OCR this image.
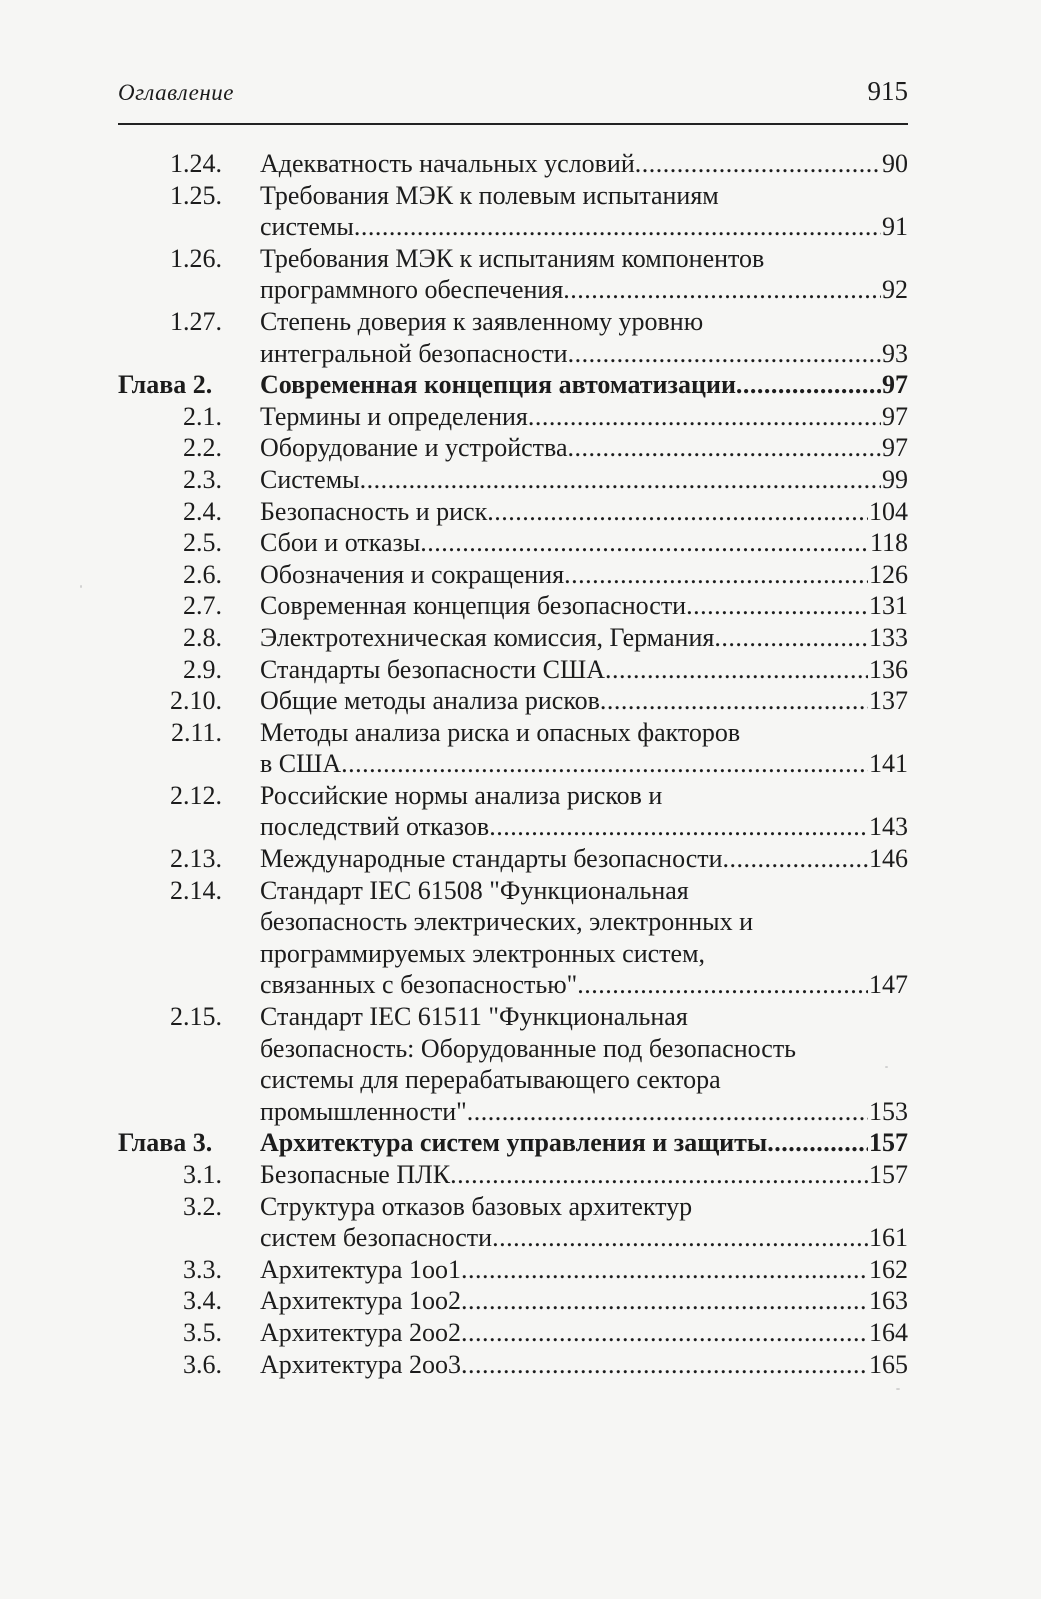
Оглавление	915
1.24. Адекватность начальных условий .....	90
1.25. Требования МЭК к полевым испытаниям
системы .....	91
1.26. Требования МЭК к испытаниям компонентов
программного обеспечения .....	92
1.27. Степень доверия к заявленному уровню
интегральной безопасности .....	93
Глава 2.	Современная концепция автоматизации .....	97
2.1. Термины и определения .....	97
2.2. Оборудование и устройства .....	97
2.3. Системы .....	99
2.4. Безопасность и риск .....	104
2.5. Сбои и отказы .....	118
2.6. Обозначения и сокращения .....	126
2.7. Современная концепция безопасности .....	131
2.8. Электротехническая комиссия, Германия .....	133
2.9. Стандарты безопасности США .....	136
2.10. Общие методы анализа рисков .....	137
2.11. Методы анализа риска и опасных факторов
в США .....	141
2.12. Российские нормы анализа рисков и
последствий отказов .....	143
2.13. Международные стандарты безопасности .....	146
2.14. Стандарт IEC 61508 "Функциональная
безопасность электрических, электронных и
программируемых электронных систем,
связанных с безопасностью" .....	147
2.15. Стандарт IEC 61511 "Функциональная
безопасность: Оборудованные под безопасность
системы для перерабатывающего сектора
промышленности" .....	153
Глава 3.	Архитектура систем управления и защиты .....	157
3.1. Безопасные ПЛК .....	157
3.2. Структура отказов базовых архитектур
систем безопасности .....	161
3.3. Архитектура 1оо1 .....	162
3.4. Архитектура 1оо2 .....	163
3.5. Архитектура 2оо2 .....	164
3.6. Архитектура 2оо3 .....	165
